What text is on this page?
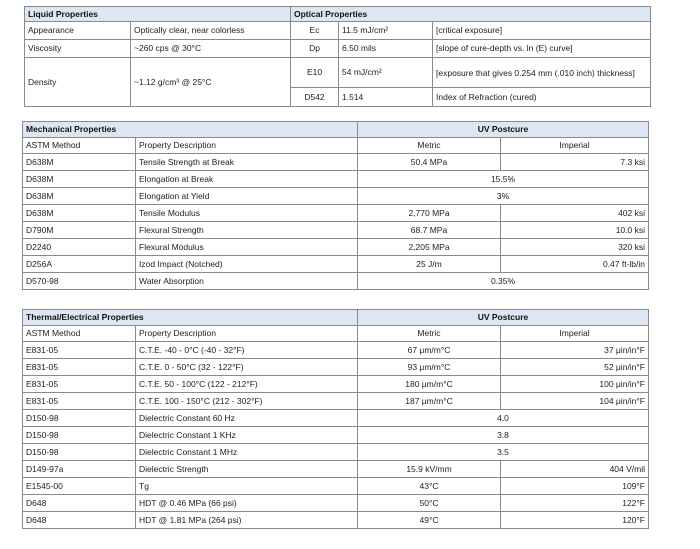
Liquid Properties		Optical Properties		
Appearance	Optically clear, near colorless	Ec	11.5 mJ/cm²	[critical exposure]
Viscosity	~260 cps @ 30°C	Dp	6.50 mils	[slope of cure-depth vs. ln (E) curve]
Density	~1.12 g/cm³ @ 25°C	E10	54 mJ/cm²	[exposure that gives 0.254 mm (.010 inch) thickness]
		D542	1.514	Index of Refraction (cured)
Mechanical Properties		UV Postcure	
ASTM Method	Property Description	Metric	Imperial
D638M	Tensile Strength at Break	50.4 MPa	7.3 ksi
D638M	Elongation at Break	15.5%	
D638M	Elongation at Yield	3%	
D638M	Tensile Modulus	2,770 MPa	402 ksi
D790M	Flexural Strength	68.7 MPa	10.0 ksi
D2240	Flexural Modulus	2,205 MPa	320 ksi
D256A	Izod Impact (Notched)	25 J/m	0.47 ft-lb/in
D570-98	Water Absorption	0.35%	
Thermal/Electrical Properties		UV Postcure	
ASTM Method	Property Description	Metric	Imperial
E831-05	C.T.E. -40 - 0°C (-40 - 32°F)	67 μm/m°C	37 μin/in°F
E831-05	C.T.E. 0 - 50°C (32 - 122°F)	93 μm/m°C	52 μin/in°F
E831-05	C.T.E. 50 - 100°C (122 - 212°F)	180 μm/m°C	100 μin/in°F
E831-05	C.T.E. 100 - 150°C (212 - 302°F)	187 μm/m°C	104 μin/in°F
D150-98	Dielectric Constant 60 Hz	4.0	
D150-98	Dielectric Constant 1 KHz	3.8	
D150-98	Dielectric Constant 1 MHz	3.5	
D149-97a	Dielectric Strength	15.9 kV/mm	404 V/mil
E1545-00	Tg	43°C	109°F
D648	HDT @ 0.46 MPa (66 psi)	50°C	122°F
D648	HDT @ 1.81 MPa (264 psi)	49°C	120°F
